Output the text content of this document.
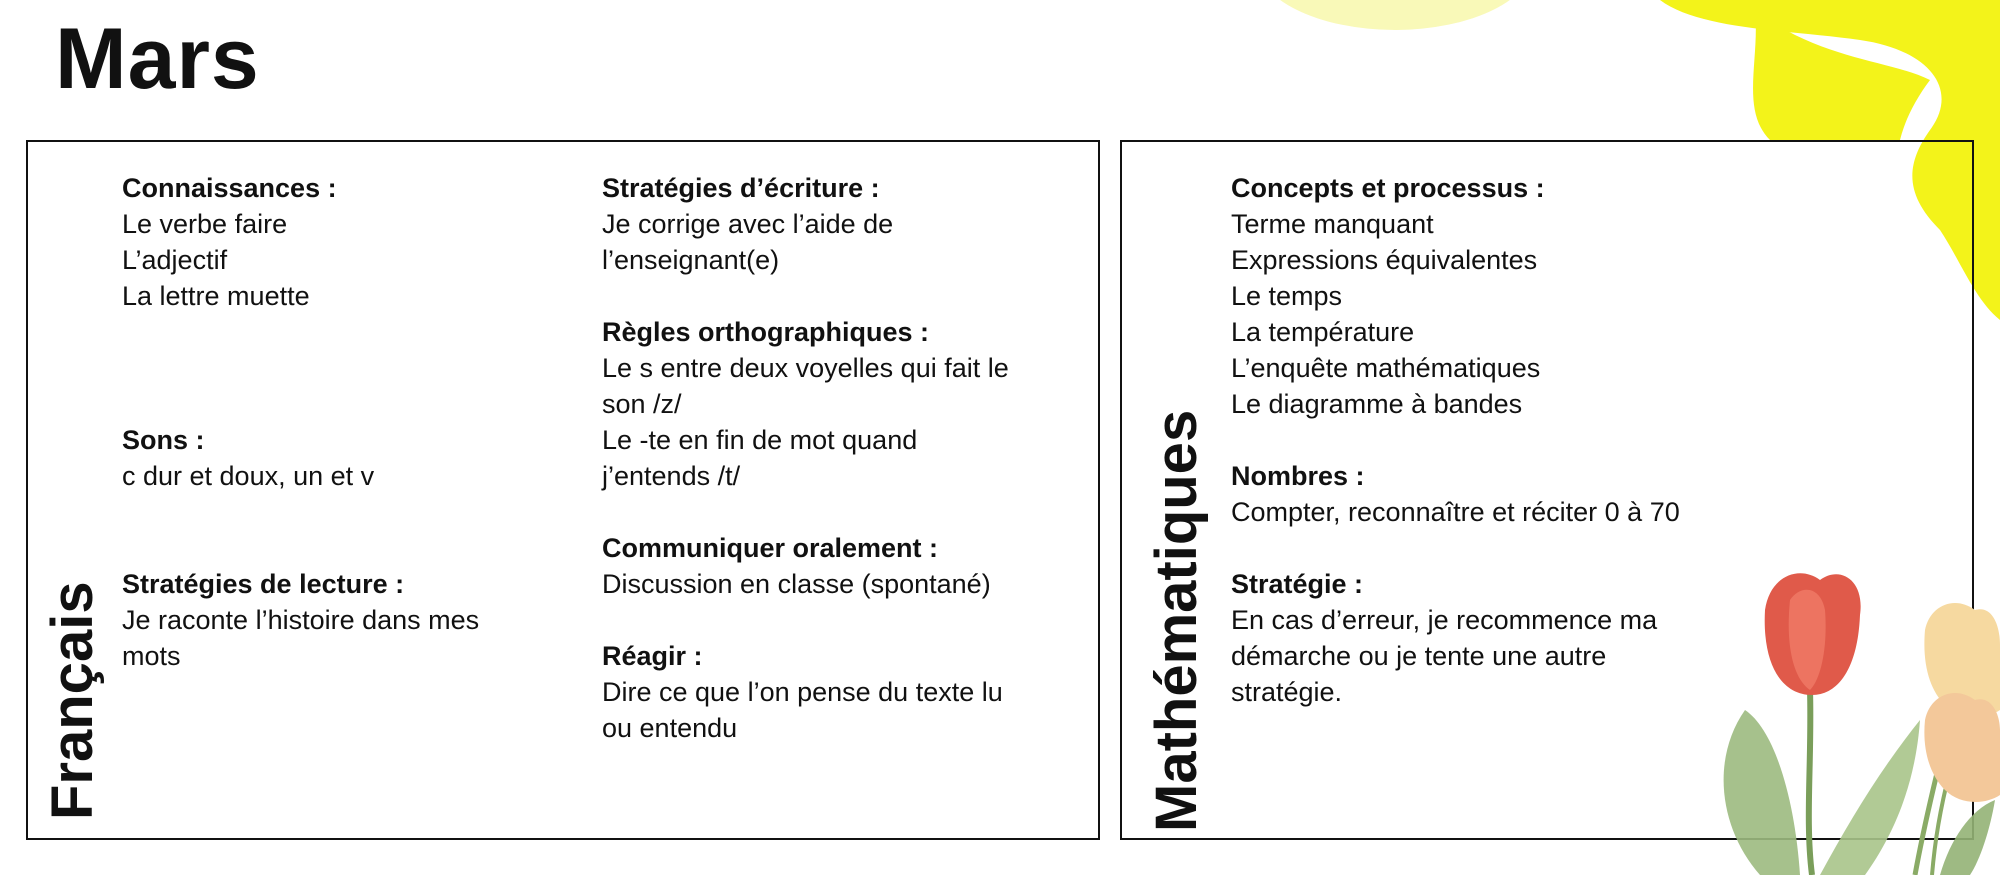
Mars
Français	Mathématiques
Connaissances :
Le verbe faire
L’adjectif
La lettre muette
Sons :
c dur et doux, un et v
Stratégies de lecture :
Je raconte l’histoire dans mes
mots
Stratégies d’écriture :
Je corrige avec l’aide de
l’enseignant(e)
Règles orthographiques :
Le s entre deux voyelles qui fait le
son /z/
Le -te en fin de mot quand
j’entends /t/
Communiquer oralement :
Discussion en classe (spontané)
Réagir :
Dire ce que l’on pense du texte lu
ou entendu
Concepts et processus :
Terme manquant
Expressions équivalentes
Le temps
La température
L’enquête mathématiques
Le diagramme à bandes
Nombres :
Compter, reconnaître et réciter 0 à 70
Stratégie :
En cas d’erreur, je recommence ma
démarche ou je tente une autre
stratégie.
